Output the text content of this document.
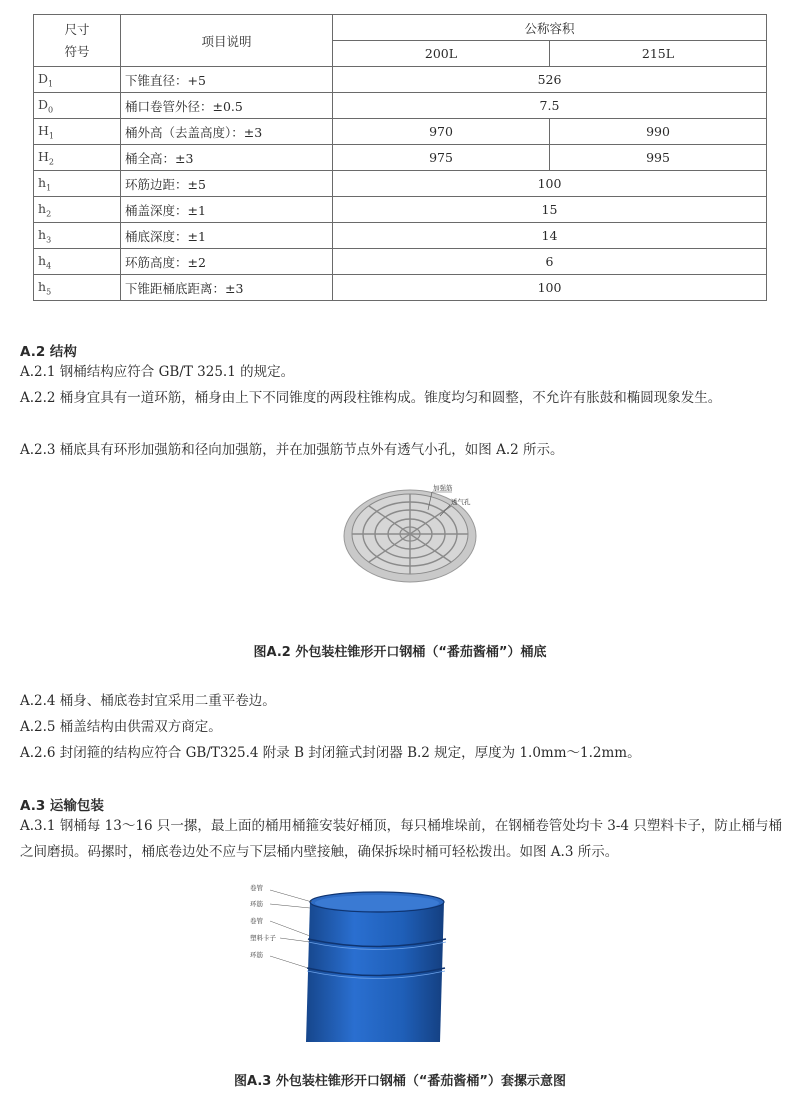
尺寸
符号	项目说明	公称容积	
		200L	215L
$D_1$	下锥直径：+5	526	
$D_0$	桶口卷管外径：±0.5	7.5	
$H_1$	桶外高（去盖高度）：±3	970	990
$H_2$	桶全高：±3	975	995
$h_1$	环筋边距：±5	100	
$h_2$	桶盖深度：±1	15	
$h_3$	桶底深度：±1	14	
$h_4$	环筋高度：±2	6	
$h_5$	下锥距桶底距离：±3	100	

A.2 结构

A.2.1 钢桶结构应符合 GB/T 325.1 的规定。

A.2.2 桶身宜具有一道环筋，桶身由上下不同锥度的两段柱锥构成。锥度均匀和圆整，不允许有胀鼓和椭圆现象发生。

A.2.3 桶底具有环形加强筋和径向加强筋，并在加强筋节点外有透气小孔，如图 A.2 所示。

加强筋
透气孔

图A.2 外包装柱锥形开口钢桶（“番茄酱桶”）桶底

A.2.4 桶身、桶底卷封宜采用二重平卷边。

A.2.5 桶盖结构由供需双方商定。

A.2.6 封闭箍的结构应符合 GB/T325.4 附录 B 封闭箍式封闭器 B.2 规定，厚度为 1.0mm～1.2mm。

A.3 运输包装

A.3.1 钢桶每 13～16 只一摞，最上面的桶用桶箍安装好桶顶，每只桶堆垛前，在钢桶卷管处均卡 3-4 只塑料卡子，防止桶与桶之间磨损。码摞时，桶底卷边处不应与下层桶内壁接触，确保拆垛时桶可轻松拨出。如图 A.3 所示。

卷管
环筋
卷管
塑料卡子
环筋

图A.3 外包装柱锥形开口钢桶（“番茄酱桶”）套摞示意图
